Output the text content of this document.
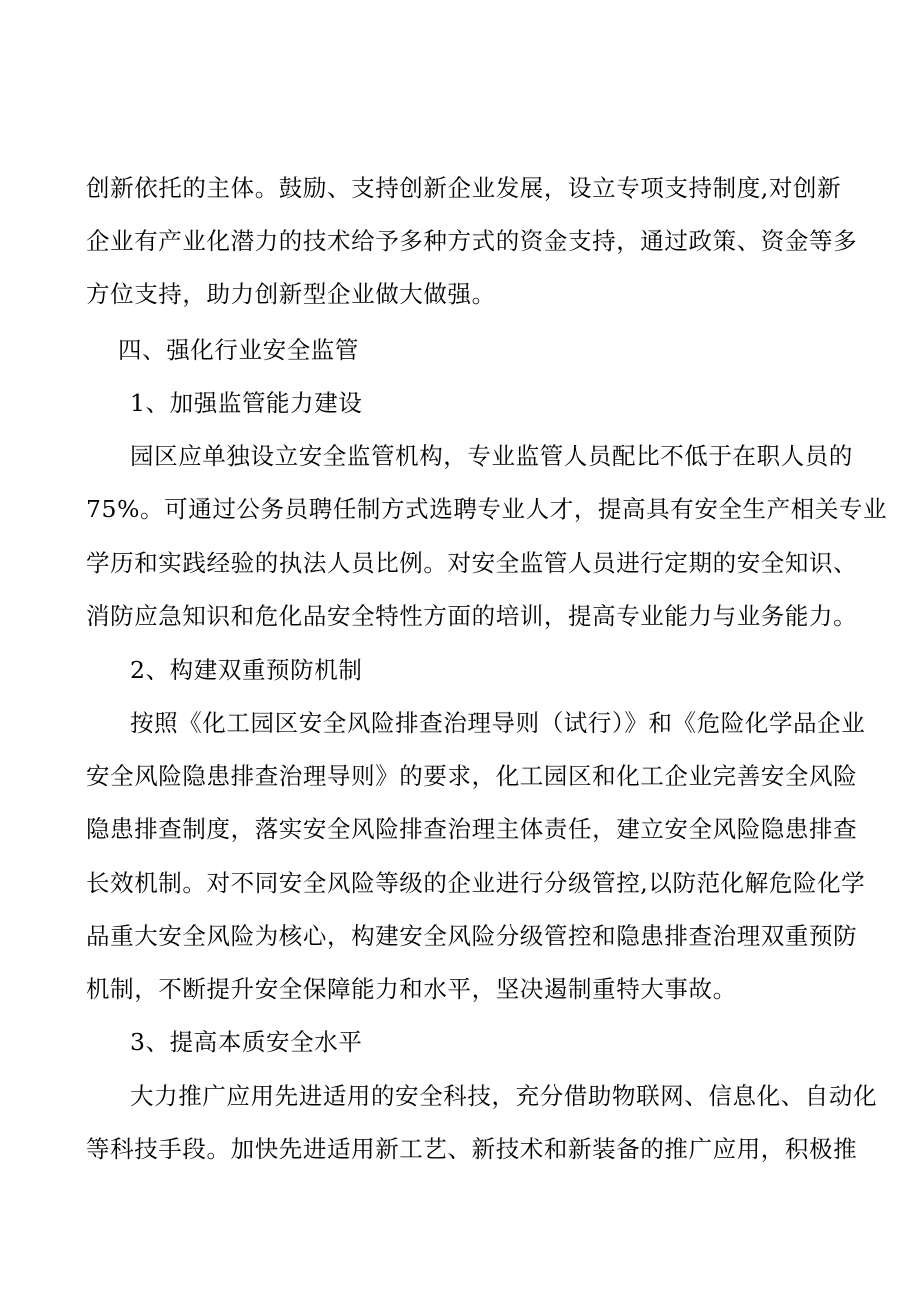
创新依托的主体。鼓励、支持创新企业发展，设立专项支持制度,对创新
企业有产业化潜力的技术给予多种方式的资金支持，通过政策、资金等多
方位支持，助力创新型企业做大做强。
四、强化行业安全监管
1、加强监管能力建设
园区应单独设立安全监管机构，专业监管人员配比不低于在职人员的
75%。可通过公务员聘任制方式选聘专业人才，提高具有安全生产相关专业
学历和实践经验的执法人员比例。对安全监管人员进行定期的安全知识、
消防应急知识和危化品安全特性方面的培训，提高专业能力与业务能力。
2、构建双重预防机制
按照《化工园区安全风险排查治理导则（试行）》和《危险化学品企业
安全风险隐患排查治理导则》的要求，化工园区和化工企业完善安全风险
隐患排查制度，落实安全风险排查治理主体责任，建立安全风险隐患排查
长效机制。对不同安全风险等级的企业进行分级管控,以防范化解危险化学
品重大安全风险为核心，构建安全风险分级管控和隐患排查治理双重预防
机制，不断提升安全保障能力和水平，坚决遏制重特大事故。
3、提高本质安全水平
大力推广应用先进适用的安全科技，充分借助物联网、信息化、自动化
等科技手段。加快先进适用新工艺、新技术和新装备的推广应用，积极推
